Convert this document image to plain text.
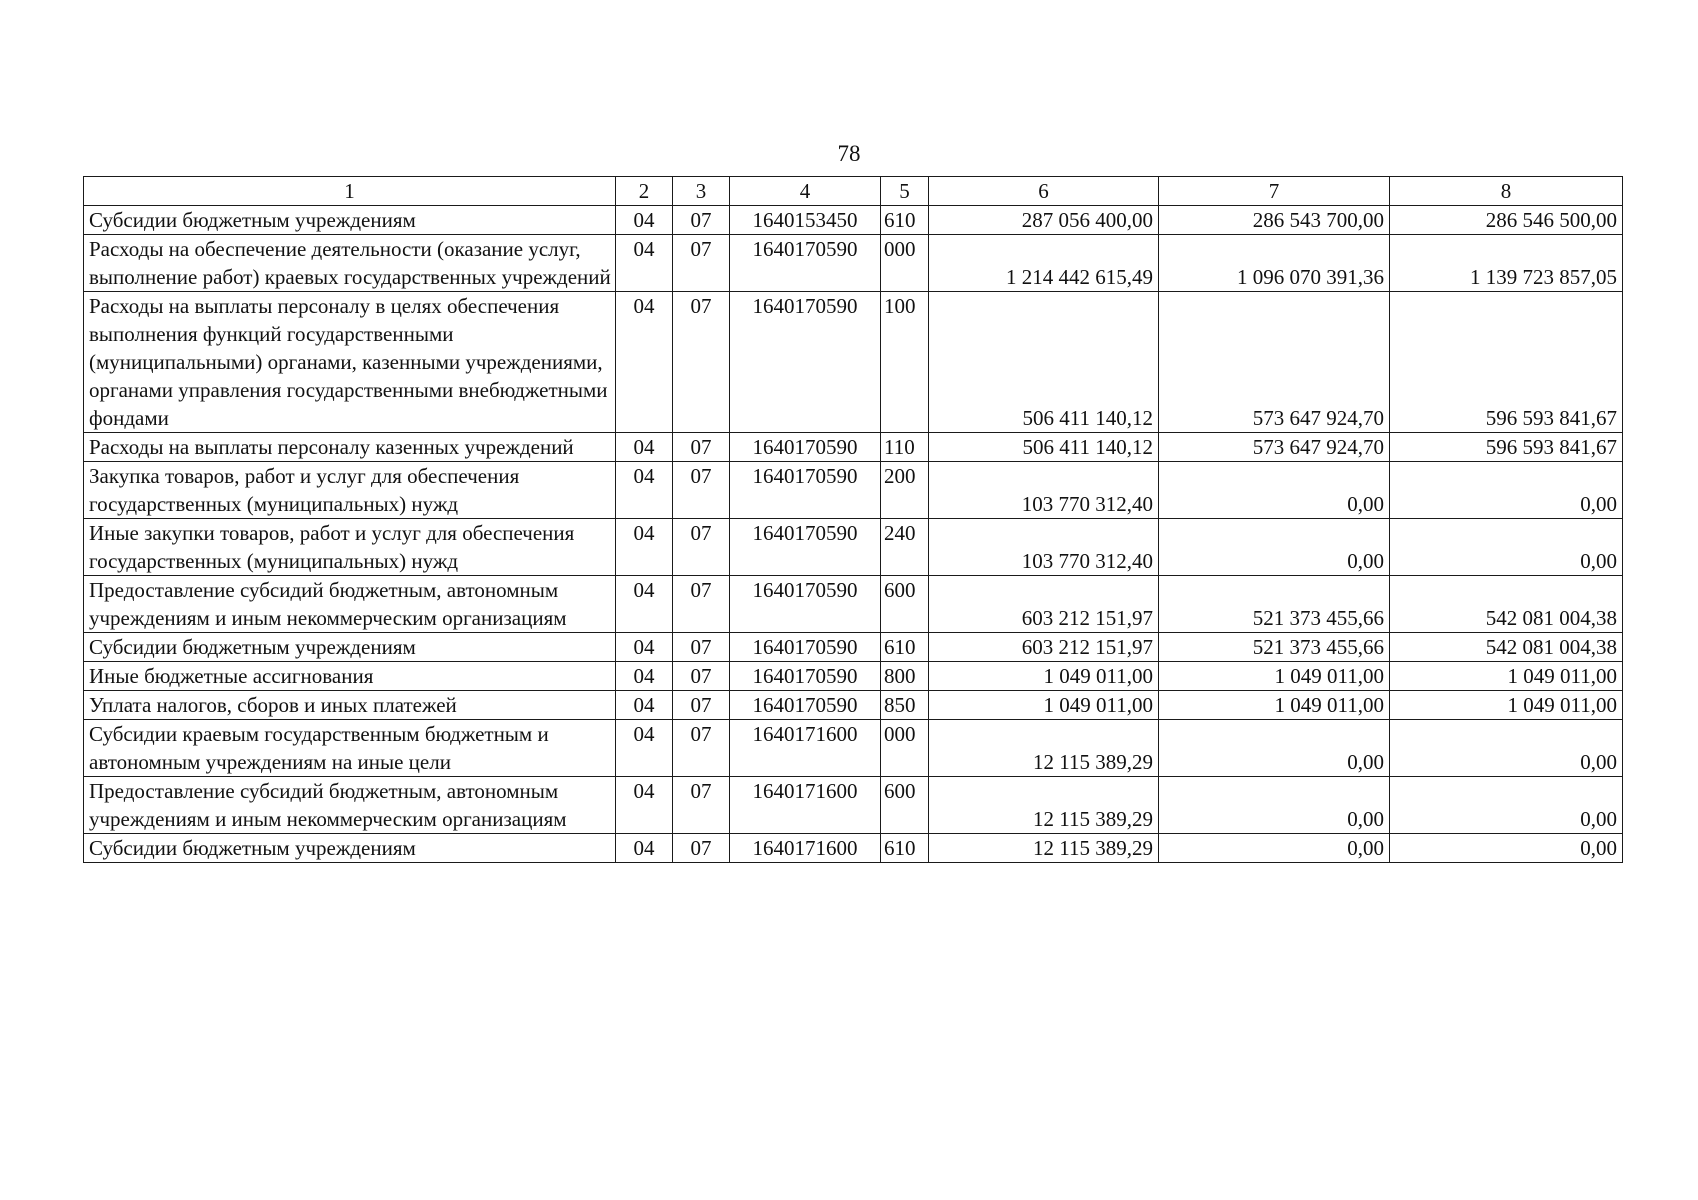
78
1	2	3	4	5	6	7	8
Субсидии бюджетным учреждениям	04	07	1640153450	610	287 056 400,00	286 543 700,00	286 546 500,00
Расходы на обеспечение деятельности (оказание услуг, выполнение работ) краевых государственных учреждений	04	07	1640170590	000	1 214 442 615,49	1 096 070 391,36	1 139 723 857,05
Расходы на выплаты персоналу в целях обеспечения выполнения функций государственными (муниципальными) органами, казенными учреждениями, органами управления государственными внебюджетными фондами	04	07	1640170590	100	506 411 140,12	573 647 924,70	596 593 841,67
Расходы на выплаты персоналу казенных учреждений	04	07	1640170590	110	506 411 140,12	573 647 924,70	596 593 841,67
Закупка товаров, работ и услуг для обеспечения государственных (муниципальных) нужд	04	07	1640170590	200	103 770 312,40	0,00	0,00
Иные закупки товаров, работ и услуг для обеспечения государственных (муниципальных) нужд	04	07	1640170590	240	103 770 312,40	0,00	0,00
Предоставление субсидий бюджетным, автономным учреждениям и иным некоммерческим организациям	04	07	1640170590	600	603 212 151,97	521 373 455,66	542 081 004,38
Субсидии бюджетным учреждениям	04	07	1640170590	610	603 212 151,97	521 373 455,66	542 081 004,38
Иные бюджетные ассигнования	04	07	1640170590	800	1 049 011,00	1 049 011,00	1 049 011,00
Уплата налогов, сборов и иных платежей	04	07	1640170590	850	1 049 011,00	1 049 011,00	1 049 011,00
Субсидии краевым государственным бюджетным и автономным учреждениям на иные цели	04	07	1640171600	000	12 115 389,29	0,00	0,00
Предоставление субсидий бюджетным, автономным учреждениям и иным некоммерческим организациям	04	07	1640171600	600	12 115 389,29	0,00	0,00
Субсидии бюджетным учреждениям	04	07	1640171600	610	12 115 389,29	0,00	0,00
